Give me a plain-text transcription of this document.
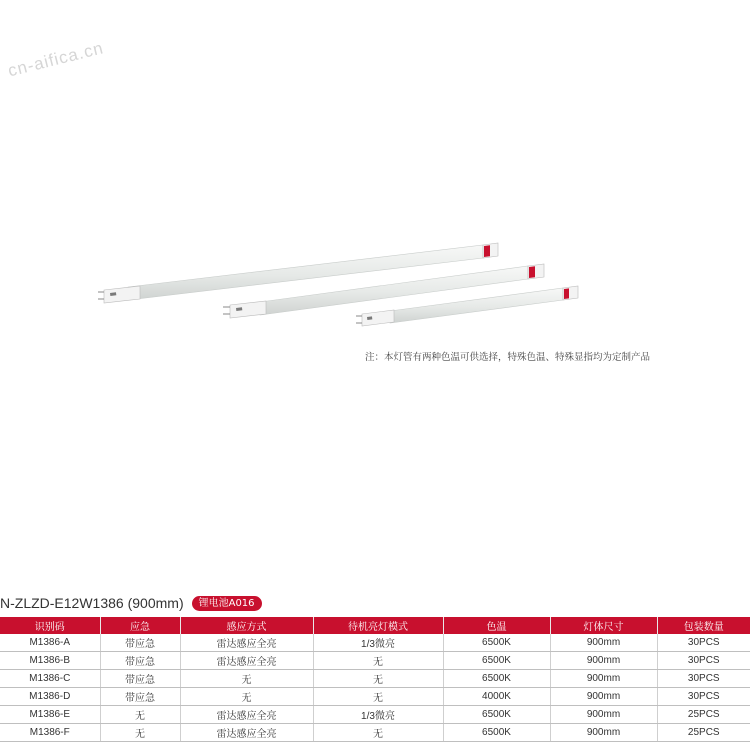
cn-aifica.cn
注：本灯管有两种色温可供选择，特殊色温、特殊显指均为定制产品
N-ZLZD-E12W1386 (900mm)	锂电池A016
识别码	应急	感应方式	待机亮灯模式	色温	灯体尺寸	包装数量
M1386-A	带应急	雷达感应全亮	1/3微亮	6500K	900mm	30PCS
M1386-B	带应急	雷达感应全亮	无	6500K	900mm	30PCS
M1386-C	带应急	无	无	6500K	900mm	30PCS
M1386-D	带应急	无	无	4000K	900mm	30PCS
M1386-E	无	雷达感应全亮	1/3微亮	6500K	900mm	25PCS
M1386-F	无	雷达感应全亮	无	6500K	900mm	25PCS
